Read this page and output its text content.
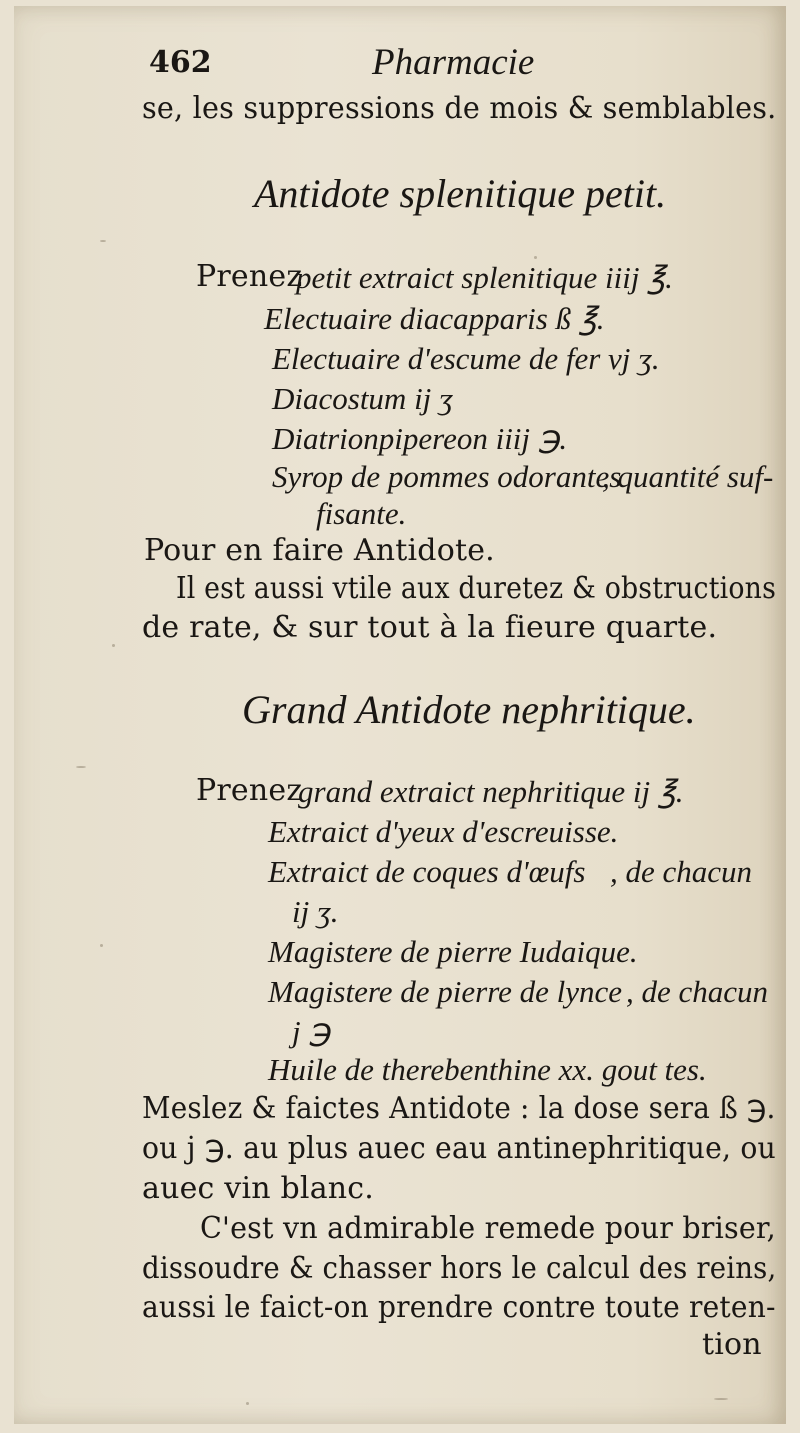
462	Pharmacie
se, les suppressions de mois & semblables.
Antidote splenitique petit.
Prenez
petit extraict splenitique iiij ℥.
Electuaire diacapparis ß ℥.
Electuaire d'escume de fer vj ʒ.
Diacostum ij ʒ
Diatrionpipereon iiij ℈.
Syrop de pommes odorantes
, quantité suf-
fisante.
Pour en faire Antidote.
Il est aussi vtile aux duretez & obstructions
de rate, & sur tout à la fieure quarte.
Grand Antidote nephritique.
Prenez
grand extraict nephritique ij ℥.
Extraict d'yeux d'escreuisse.
Extraict de coques d'œufs , de chacun
ij ʒ.
Magistere de pierre Iudaique.
Magistere de pierre de lynce , de chacun
j ℈
Huile de therebenthine xx. gout tes.
Meslez & faictes Antidote : la dose sera ß ℈.
ou j ℈. au plus auec eau antinephritique, ou
auec vin blanc.
C'est vn admirable remede pour briser,
dissoudre & chasser hors le calcul des reins,
aussi le faict-on prendre contre toute reten-
tion
